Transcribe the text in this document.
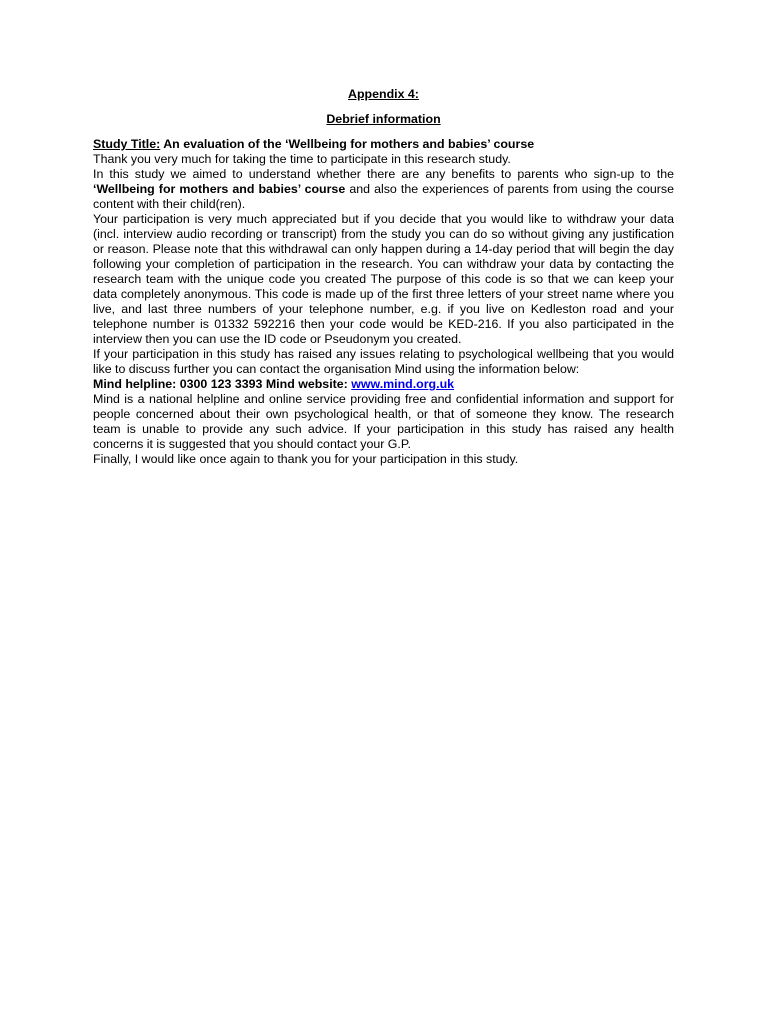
Appendix 4:
Debrief information
Study Title: An evaluation of the ‘Wellbeing for mothers and babies’ course

Thank you very much for taking the time to participate in this research study.

In this study we aimed to understand whether there are any benefits to parents who sign-up to the ‘Wellbeing for mothers and babies’ course and also the experiences of parents from using the course content with their child(ren).

Your participation is very much appreciated but if you decide that you would like to withdraw your data (incl. interview audio recording or transcript) from the study you can do so without giving any justification or reason. Please note that this withdrawal can only happen during a 14-day period that will begin the day following your completion of participation in the research. You can withdraw your data by contacting the research team with the unique code you created The purpose of this code is so that we can keep your data completely anonymous. This code is made up of the first three letters of your street name where you live, and last three numbers of your telephone number, e.g. if you live on Kedleston road and your telephone number is 01332 592216 then your code would be KED-216. If you also participated in the interview then you can use the ID code or Pseudonym you created.

If your participation in this study has raised any issues relating to psychological wellbeing that you would like to discuss further you can contact the organisation Mind using the information below:

Mind helpline: 0300 123 3393 Mind website: www.mind.org.uk

Mind is a national helpline and online service providing free and confidential information and support for people concerned about their own psychological health, or that of someone they know. The research team is unable to provide any such advice. If your participation in this study has raised any health concerns it is suggested that you should contact your G.P.

Finally, I would like once again to thank you for your participation in this study.
